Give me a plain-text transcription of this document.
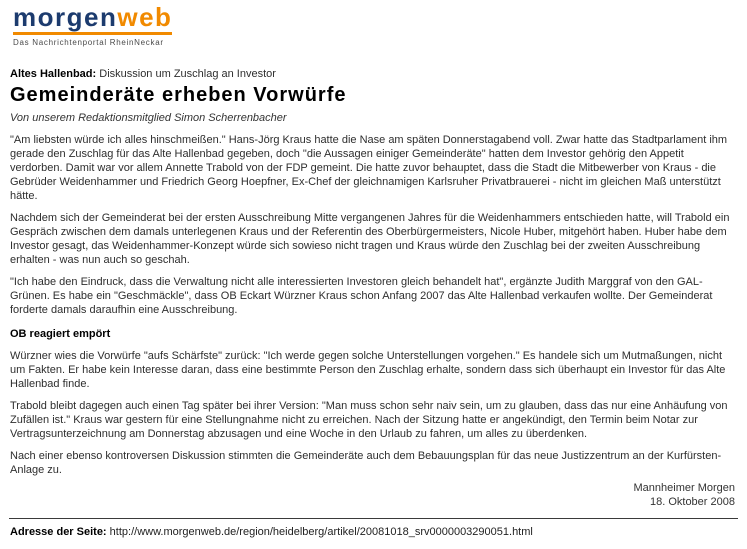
morgenweb
Das Nachrichtenportal RheinNeckar
Altes Hallenbad: Diskussion um Zuschlag an Investor
Gemeinderäte erheben Vorwürfe
Von unserem Redaktionsmitglied Simon Scherrenbacher

"Am liebsten würde ich alles hinschmeißen." Hans-Jörg Kraus hatte die Nase am späten Donnerstagabend voll. Zwar hatte das Stadtparlament ihm gerade den Zuschlag für das Alte Hallenbad gegeben, doch "die Aussagen einiger Gemeinderäte" hatten dem Investor gehörig den Appetit verdorben. Damit war vor allem Annette Trabold von der FDP gemeint. Die hatte zuvor behauptet, dass die Stadt die Mitbewerber von Kraus - die Gebrüder Weidenhammer und Friedrich Georg Hoepfner, Ex-Chef der gleichnamigen Karlsruher Privatbrauerei - nicht im gleichen Maß unterstützt hätte.

Nachdem sich der Gemeinderat bei der ersten Ausschreibung Mitte vergangenen Jahres für die Weidenhammers entschieden hatte, will Trabold ein Gespräch zwischen dem damals unterlegenen Kraus und der Referentin des Oberbürgermeisters, Nicole Huber, mitgehört haben. Huber habe dem Investor gesagt, das Weidenhammer-Konzept würde sich sowieso nicht tragen und Kraus würde den Zuschlag bei der zweiten Ausschreibung erhalten - was nun auch so geschah.

"Ich habe den Eindruck, dass die Verwaltung nicht alle interessierten Investoren gleich behandelt hat", ergänzte Judith Marggraf von den GAL-Grünen. Es habe ein "Geschmäckle", dass OB Eckart Würzner Kraus schon Anfang 2007 das Alte Hallenbad verkaufen wollte. Der Gemeinderat forderte damals daraufhin eine Ausschreibung.

OB reagiert empört

Würzner wies die Vorwürfe "aufs Schärfste" zurück: "Ich werde gegen solche Unterstellungen vorgehen." Es handele sich um Mutmaßungen, nicht um Fakten. Er habe kein Interesse daran, dass eine bestimmte Person den Zuschlag erhalte, sondern dass sich überhaupt ein Investor für das Alte Hallenbad finde.

Trabold bleibt dagegen auch einen Tag später bei ihrer Version: "Man muss schon sehr naiv sein, um zu glauben, dass das nur eine Anhäufung von Zufällen ist." Kraus war gestern für eine Stellungnahme nicht zu erreichen. Nach der Sitzung hatte er angekündigt, den Termin beim Notar zur Vertragsunterzeichnung am Donnerstag abzusagen und eine Woche in den Urlaub zu fahren, um alles zu überdenken.

Nach einer ebenso kontroversen Diskussion stimmten die Gemeinderäte auch dem Bebauungsplan für das neue Justizzentrum an der Kurfürsten-Anlage zu.

Mannheimer Morgen
18. Oktober 2008
Adresse der Seite: http://www.morgenweb.de/region/heidelberg/artikel/20081018_srv0000003290051.html
